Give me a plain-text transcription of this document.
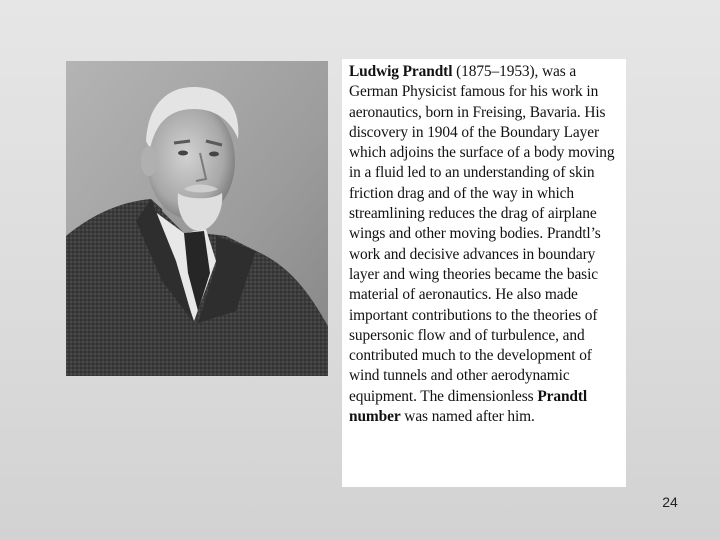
Ludwig Prandtl (1875–1953), was a German Physicist famous for his work in aeronautics, born in Freising, Bavaria. His discovery in 1904 of the Boundary Layer which adjoins the surface of a body moving in a fluid led to an understanding of skin friction drag and of the way in which streamlining reduces the drag of airplane wings and other moving bodies. Prandtl’s work and decisive advances in boundary layer and wing theories became the basic material of aeronautics. He also made important contributions to the theories of supersonic flow and of turbulence, and contributed much to the development of wind tunnels and other aerodynamic equipment. The dimensionless Prandtl number was named after him.

24
